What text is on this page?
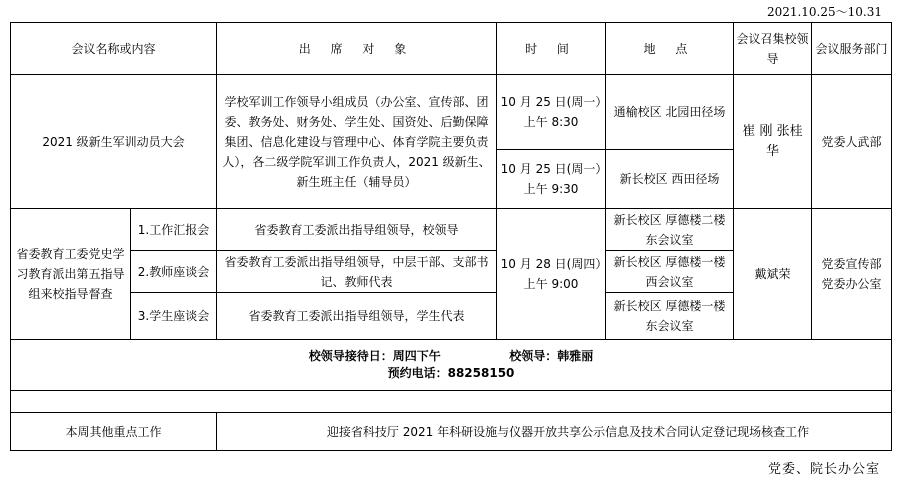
2021.10.25～10.31
会议名称或内容		出 席 对 象	时 间	地 点	会议召集校领导	会议服务部门
2021 级新生军训动员大会		学校军训工作领导小组成员（办公室、宣传部、团委、教务处、财务处、学生处、国资处、后勤保障集团、信息化建设与管理中心、体育学院主要负责人），各二级学院军训工作负责人，2021 级新生、新生班主任（辅导员）	10 月 25 日(周一）上午 8:30	通榆校区 北园田径场	崔 刚 张桂华	党委人武部
			10 月 25 日(周一）上午 9:30	新长校区 西田径场		
省委教育工委党史学习教育派出第五指导组来校指导督查	1.工作汇报会	省委教育工委派出指导组领导，校领导	10 月 28 日(周四）上午 9:00	新长校区 厚德楼二楼东会议室	戴斌荣	党委宣传部 党委办公室
	2.教师座谈会	省委教育工委派出指导组领导，中层干部、支部书记、教师代表		新长校区 厚德楼一楼西会议室		
	3.学生座谈会	省委教育工委派出指导组领导，学生代表		新长校区 厚德楼一楼东会议室		

校领导接待日：周四下午 校领导：韩雅丽
预约电话：88258150						

本周其他重点工作		迎接省科技厅 2021 年科研设施与仪器开放共享公示信息及技术合同认定登记现场核查工作				
党委、院长办公室
